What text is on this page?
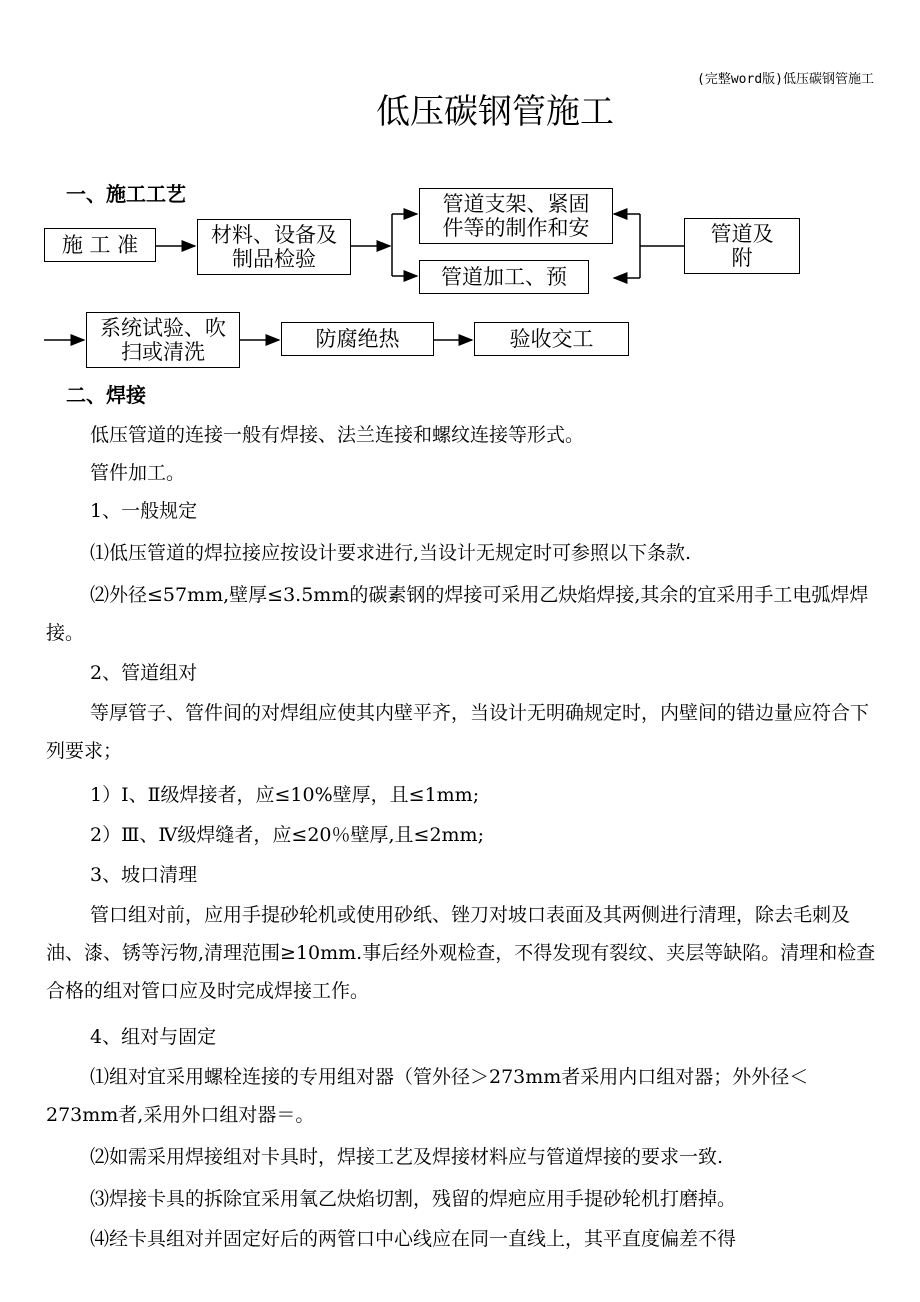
(完整word版)低压碳钢管施工
低压碳钢管施工
一、施工工艺
施 工 准	材料、设备及
制品检验
管道支架、紧固
件等的制作和安
管道加工、预
管道及
附
系统试验、吹
扫或清洗
防腐绝热	验收交工
二、焊接
低压管道的连接一般有焊接、法兰连接和螺纹连接等形式。
管件加工。
1、一般规定
⑴低压管道的焊拉接应按设计要求进行,当设计无规定时可参照以下条款.
⑵外径≤57mm,壁厚≤3.5mm的碳素钢的焊接可采用乙炔焰焊接,其余的宜采用手工电弧焊焊接。
2、管道组对
等厚管子、管件间的对焊组应使其内壁平齐，当设计无明确规定时，内壁间的错边量应符合下列要求；
1）Ⅰ、Ⅱ级焊接者，应≤10%壁厚，且≤1mm;
2）Ⅲ、Ⅳ级焊缝者，应≤20％壁厚,且≤2mm;
3、坡口清理
管口组对前，应用手提砂轮机或使用砂纸、锉刀对坡口表面及其两侧进行清理，除去毛刺及油、漆、锈等污物,清理范围≥10mm.事后经外观检查，不得发现有裂纹、夹层等缺陷。清理和检查合格的组对管口应及时完成焊接工作。
4、组对与固定
⑴组对宜采用螺栓连接的专用组对器（管外径＞273mm者采用内口组对器；外外径＜273mm者,采用外口组对器＝。
⑵如需采用焊接组对卡具时，焊接工艺及焊接材料应与管道焊接的要求一致.
⑶焊接卡具的拆除宜采用氧乙炔焰切割，残留的焊疤应用手提砂轮机打磨掉。
⑷经卡具组对并固定好后的两管口中心线应在同一直线上，其平直度偏差不得
